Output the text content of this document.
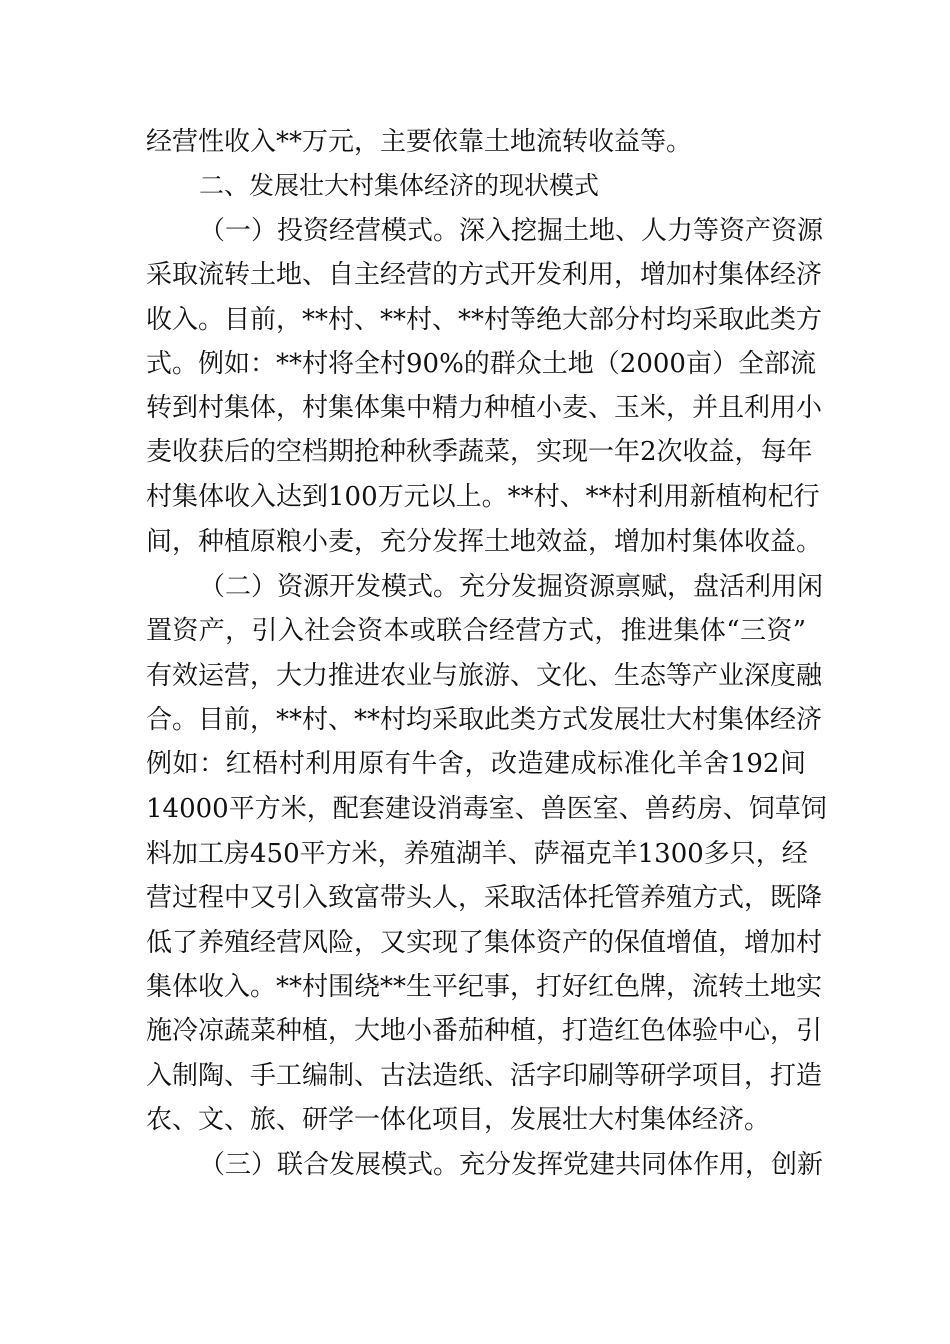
经营性收入**万元，主要依靠土地流转收益等。
二、发展壮大村集体经济的现状模式
（一）投资经营模式。深入挖掘土地、人力等资产资源
采取流转土地、自主经营的方式开发利用，增加村集体经济
收入。目前，**村、**村、**村等绝大部分村均采取此类方
式。例如：**村将全村90%的群众土地（2000亩）全部流
转到村集体，村集体集中精力种植小麦、玉米，并且利用小
麦收获后的空档期抢种秋季蔬菜，实现一年2次收益，每年
村集体收入达到100万元以上。**村、**村利用新植枸杞行
间，种植原粮小麦，充分发挥土地效益，增加村集体收益。
（二）资源开发模式。充分发掘资源禀赋，盘活利用闲
置资产，引入社会资本或联合经营方式，推进集体“三资”
有效运营，大力推进农业与旅游、文化、生态等产业深度融
合。目前，**村、**村均采取此类方式发展壮大村集体经济
例如：红梧村利用原有牛舍，改造建成标准化羊舍192间
14000平方米，配套建设消毒室、兽医室、兽药房、饲草饲
料加工房450平方米，养殖湖羊、萨福克羊1300多只，经
营过程中又引入致富带头人，采取活体托管养殖方式，既降
低了养殖经营风险，又实现了集体资产的保值增值，增加村
集体收入。**村围绕**生平纪事，打好红色牌，流转土地实
施冷凉蔬菜种植，大地小番茄种植，打造红色体验中心，引
入制陶、手工编制、古法造纸、活字印刷等研学项目，打造
农、文、旅、研学一体化项目，发展壮大村集体经济。
（三）联合发展模式。充分发挥党建共同体作用，创新
